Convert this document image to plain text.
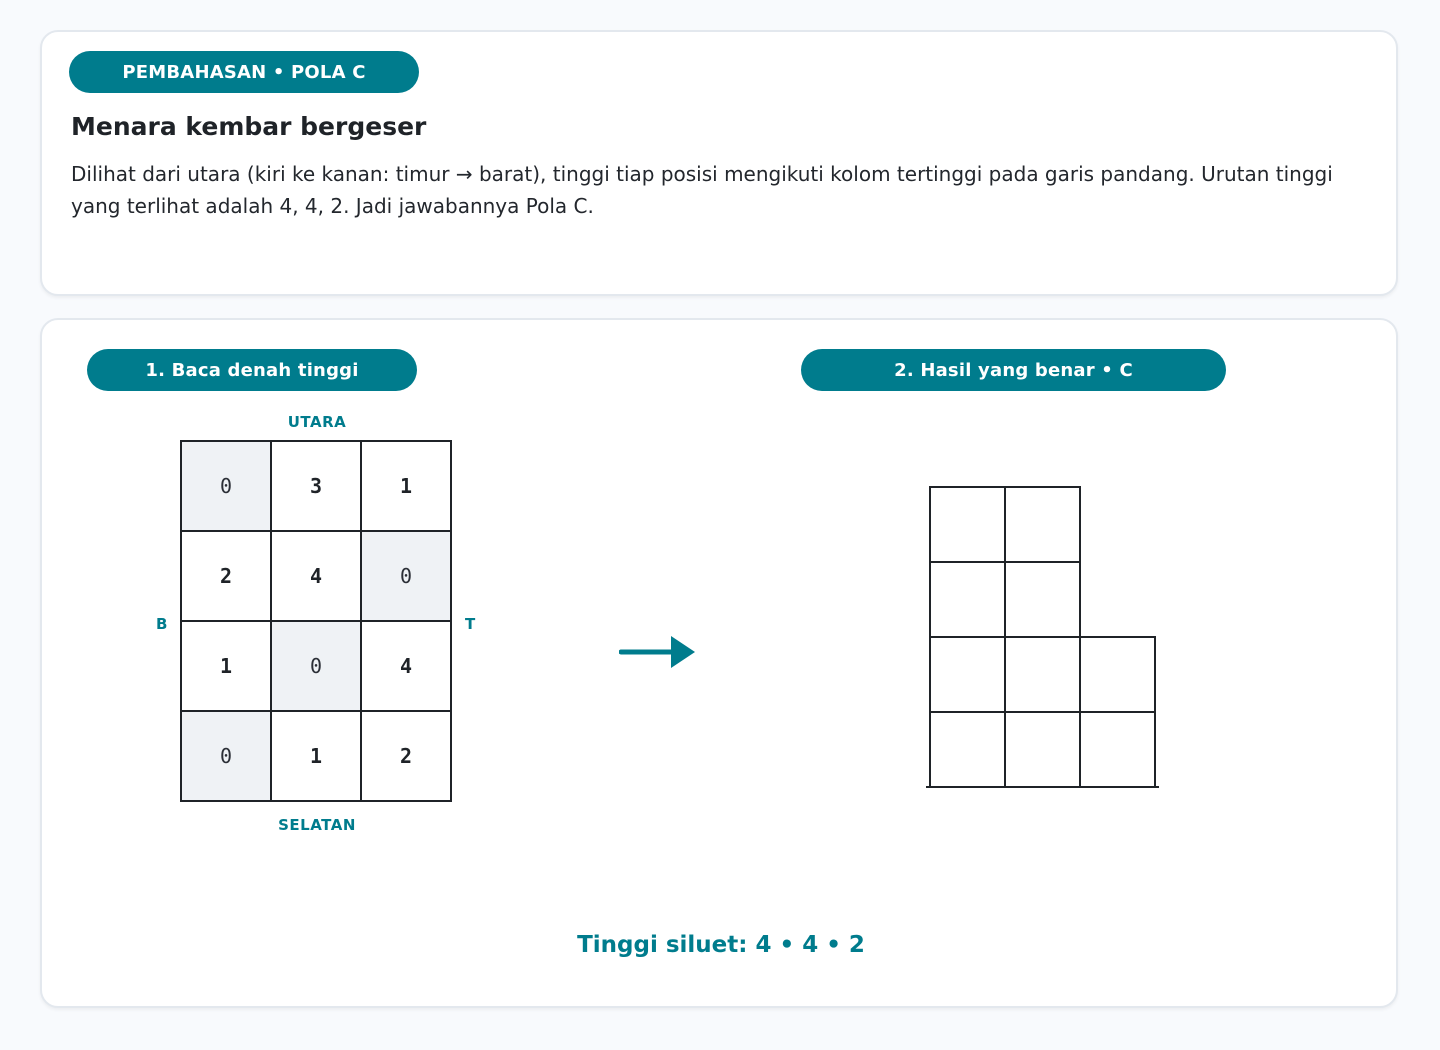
PEMBAHASAN • POLA C
Menara kembar bergeser

Dilihat dari utara (kiri ke kanan: timur → barat), tinggi tiap posisi mengikuti kolom tertinggi pada garis pandang. Urutan tinggi yang terlihat adalah 4, 4, 2. Jadi jawabannya Pola C.

1. Baca denah tinggi	2. Hasil yang benar • C
UTARA
SELATAN
B	T
0	3	1
2	4	0
1	0	4
0	1	2
Tinggi siluet: 4 • 4 • 2
